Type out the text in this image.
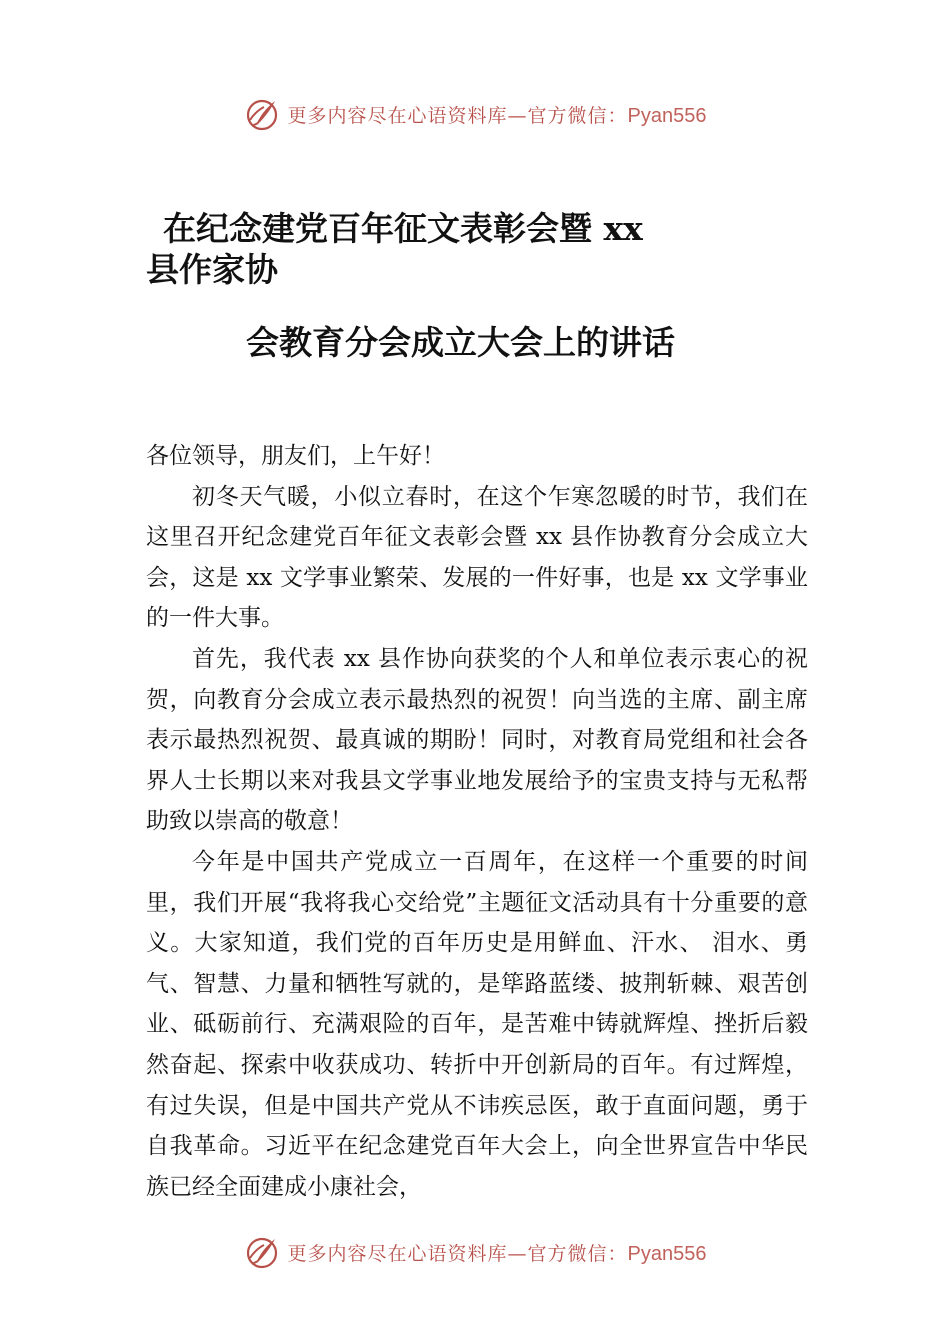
更多内容尽在心语资料库—官方微信：Pyan556
在纪念建党百年征文表彰会暨 xx
县作家协
会教育分会成立大会上的讲话

各位领导，朋友们，上午好！

初冬天气暖，小似立春时，在这个乍寒忽暖的时节，我们在这里召开纪念建党百年征文表彰会暨 xx 县作协教育分会成立大会，这是 xx 文学事业繁荣、发展的一件好事，也是 xx 文学事业的一件大事。

首先，我代表 xx 县作协向获奖的个人和单位表示衷心的祝贺，向教育分会成立表示最热烈的祝贺！向当选的主席、副主席表示最热烈祝贺、最真诚的期盼！同时，对教育局党组和社会各界人士长期以来对我县文学事业地发展给予的宝贵支持与无私帮助致以崇高的敬意！

今年是中国共产党成立一百周年，在这样一个重要的时间里，我们开展“我将我心交给党”主题征文活动具有十分重要的意义。大家知道，我们党的百年历史是用鲜血、汗水、 泪水、勇气、智慧、力量和牺牲写就的，是筚路蓝缕、披荆斩棘、艰苦创业、砥砺前行、充满艰险的百年，是苦难中铸就辉煌、挫折后毅然奋起、探索中收获成功、转折中开创新局的百年。有过辉煌，有过失误，但是中国共产党从不讳疾忌医，敢于直面问题，勇于自我革命。习近平在纪念建党百年大会上，向全世界宣告中华民族已经全面建成小康社会，

更多内容尽在心语资料库—官方微信：Pyan556
